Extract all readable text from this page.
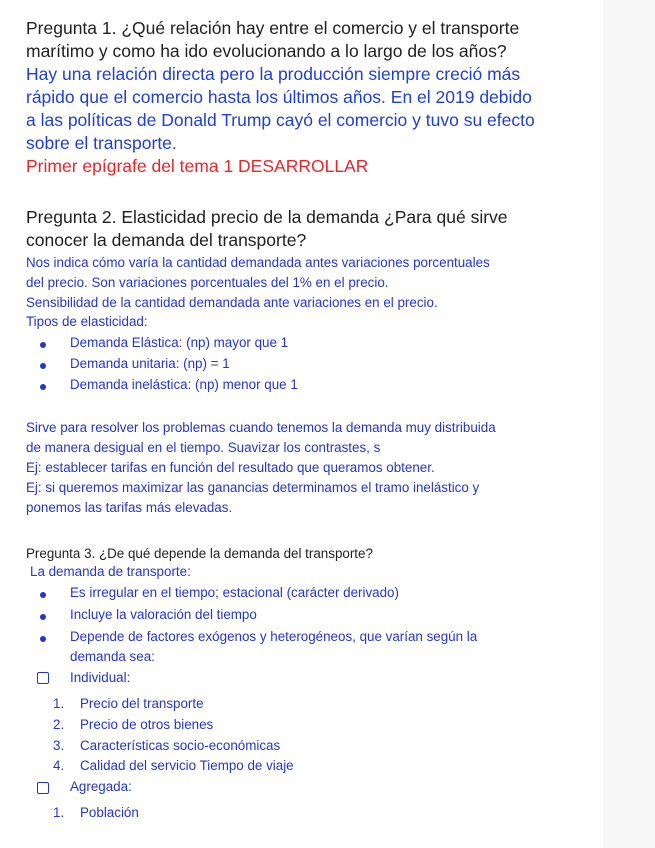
Pregunta 1. ¿Qué relación hay entre el comercio y el transporte
marítimo y como ha ido evolucionando a lo largo de los años?
Hay una relación directa pero la producción siempre creció más
rápido que el comercio hasta los últimos años. En el 2019 debido
a las políticas de Donald Trump cayó el comercio y tuvo su efecto
sobre el transporte.
Primer epígrafe del tema 1 DESARROLLAR
Pregunta 2. Elasticidad precio de la demanda ¿Para qué sirve
conocer la demanda del transporte?
Nos indica cómo varía la cantidad demandada antes variaciones porcentuales
del precio. Son variaciones porcentuales del 1% en el precio.
Sensibilidad de la cantidad demandada ante variaciones en el precio.
Tipos de elasticidad:
Demanda Elástica: (np) mayor que 1
Demanda unitaria: (np) = 1
Demanda inelástica: (np) menor que 1
Sirve para resolver los problemas cuando tenemos la demanda muy distribuida
de manera desigual en el tiempo. Suavizar los contrastes, s
Ej: establecer tarifas en función del resultado que queramos obtener.
Ej: si queremos maximizar las ganancias determinamos el tramo inelástico y
ponemos las tarifas más elevadas.
Pregunta 3. ¿De qué depende la demanda del transporte?
La demanda de transporte:
Es irregular en el tiempo; estacional (carácter derivado)
Incluye la valoración del tiempo
Depende de factores exógenos y heterogéneos, que varían según la
demanda sea:
Individual:
1. Precio del transporte
2. Precio de otros bienes
3. Características socio-económicas
4. Calidad del servicio Tiempo de viaje
Agregada:
1. Población
